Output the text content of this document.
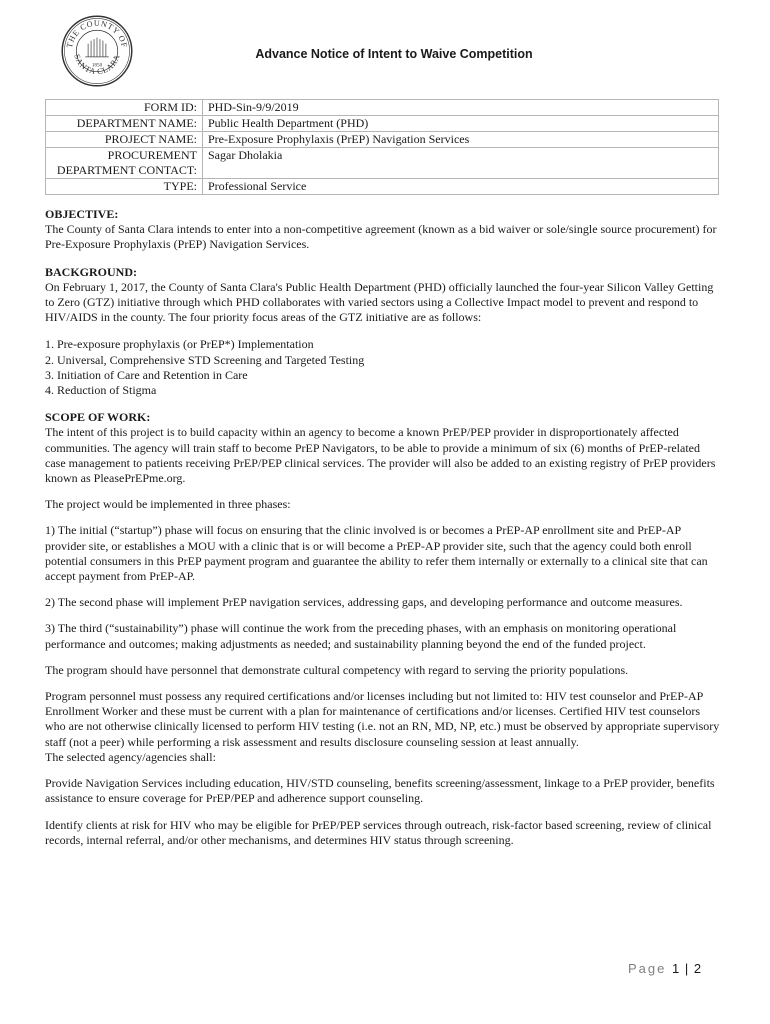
THE COUNTY OF
SANTA CLARA
1850
Advance Notice of Intent to Waive Competition
FORM ID:	PHD-Sin-9/9/2019
DEPARTMENT NAME:	Public Health Department (PHD)
PROJECT NAME:	Pre-Exposure Prophylaxis (PrEP) Navigation Services
PROCUREMENT DEPARTMENT CONTACT:	Sagar Dholakia
TYPE:	Professional Service
OBJECTIVE:
The County of Santa Clara intends to enter into a non-competitive agreement (known as a bid waiver or sole/single source procurement) for Pre-Exposure Prophylaxis (PrEP) Navigation Services.
BACKGROUND:
On February 1, 2017, the County of Santa Clara's Public Health Department (PHD) officially launched the four-year Silicon Valley Getting to Zero (GTZ) initiative through which PHD collaborates with varied sectors using a Collective Impact model to prevent and respond to HIV/AIDS in the county. The four priority focus areas of the GTZ initiative are as follows:

1. Pre-exposure prophylaxis (or PrEP*) Implementation

2. Universal, Comprehensive STD Screening and Targeted Testing

3. Initiation of Care and Retention in Care

4. Reduction of Stigma

SCOPE OF WORK:

The intent of this project is to build capacity within an agency to become a known PrEP/PEP provider in disproportionately affected communities. The agency will train staff to become PrEP Navigators, to be able to provide a minimum of six (6) months of PrEP-related case management to patients receiving PrEP/PEP clinical services. The provider will also be added to an existing registry of PrEP providers known as PleasePrEPme.org.

The project would be implemented in three phases:

1) The initial (“startup”) phase will focus on ensuring that the clinic involved is or becomes a PrEP-AP enrollment site and PrEP-AP provider site, or establishes a MOU with a clinic that is or will become a PrEP-AP provider site, such that the agency could both enroll potential consumers in this PrEP payment program and guarantee the ability to refer them internally or externally to a clinical site that can accept payment from PrEP-AP.

2) The second phase will implement PrEP navigation services, addressing gaps, and developing performance and outcome measures.

3) The third (“sustainability”) phase will continue the work from the preceding phases, with an emphasis on monitoring operational performance and outcomes; making adjustments as needed; and sustainability planning beyond the end of the funded project.

The program should have personnel that demonstrate cultural competency with regard to serving the priority populations.

Program personnel must possess any required certifications and/or licenses including but not limited to: HIV test counselor and PrEP-AP Enrollment Worker and these must be current with a plan for maintenance of certifications and/or licenses. Certified HIV test counselors who are not otherwise clinically licensed to perform HIV testing (i.e. not an RN, MD, NP, etc.) must be observed by appropriate supervisory staff (not a peer) while performing a risk assessment and results disclosure counseling session at least annually.

The selected agency/agencies shall:

Provide Navigation Services including education, HIV/STD counseling, benefits screening/assessment, linkage to a PrEP provider, benefits assistance to ensure coverage for PrEP/PEP and adherence support counseling.

Identify clients at risk for HIV who may be eligible for PrEP/PEP services through outreach, risk-factor based screening, review of clinical records, internal referral, and/or other mechanisms, and determines HIV status through screening.

Page 1 | 2
